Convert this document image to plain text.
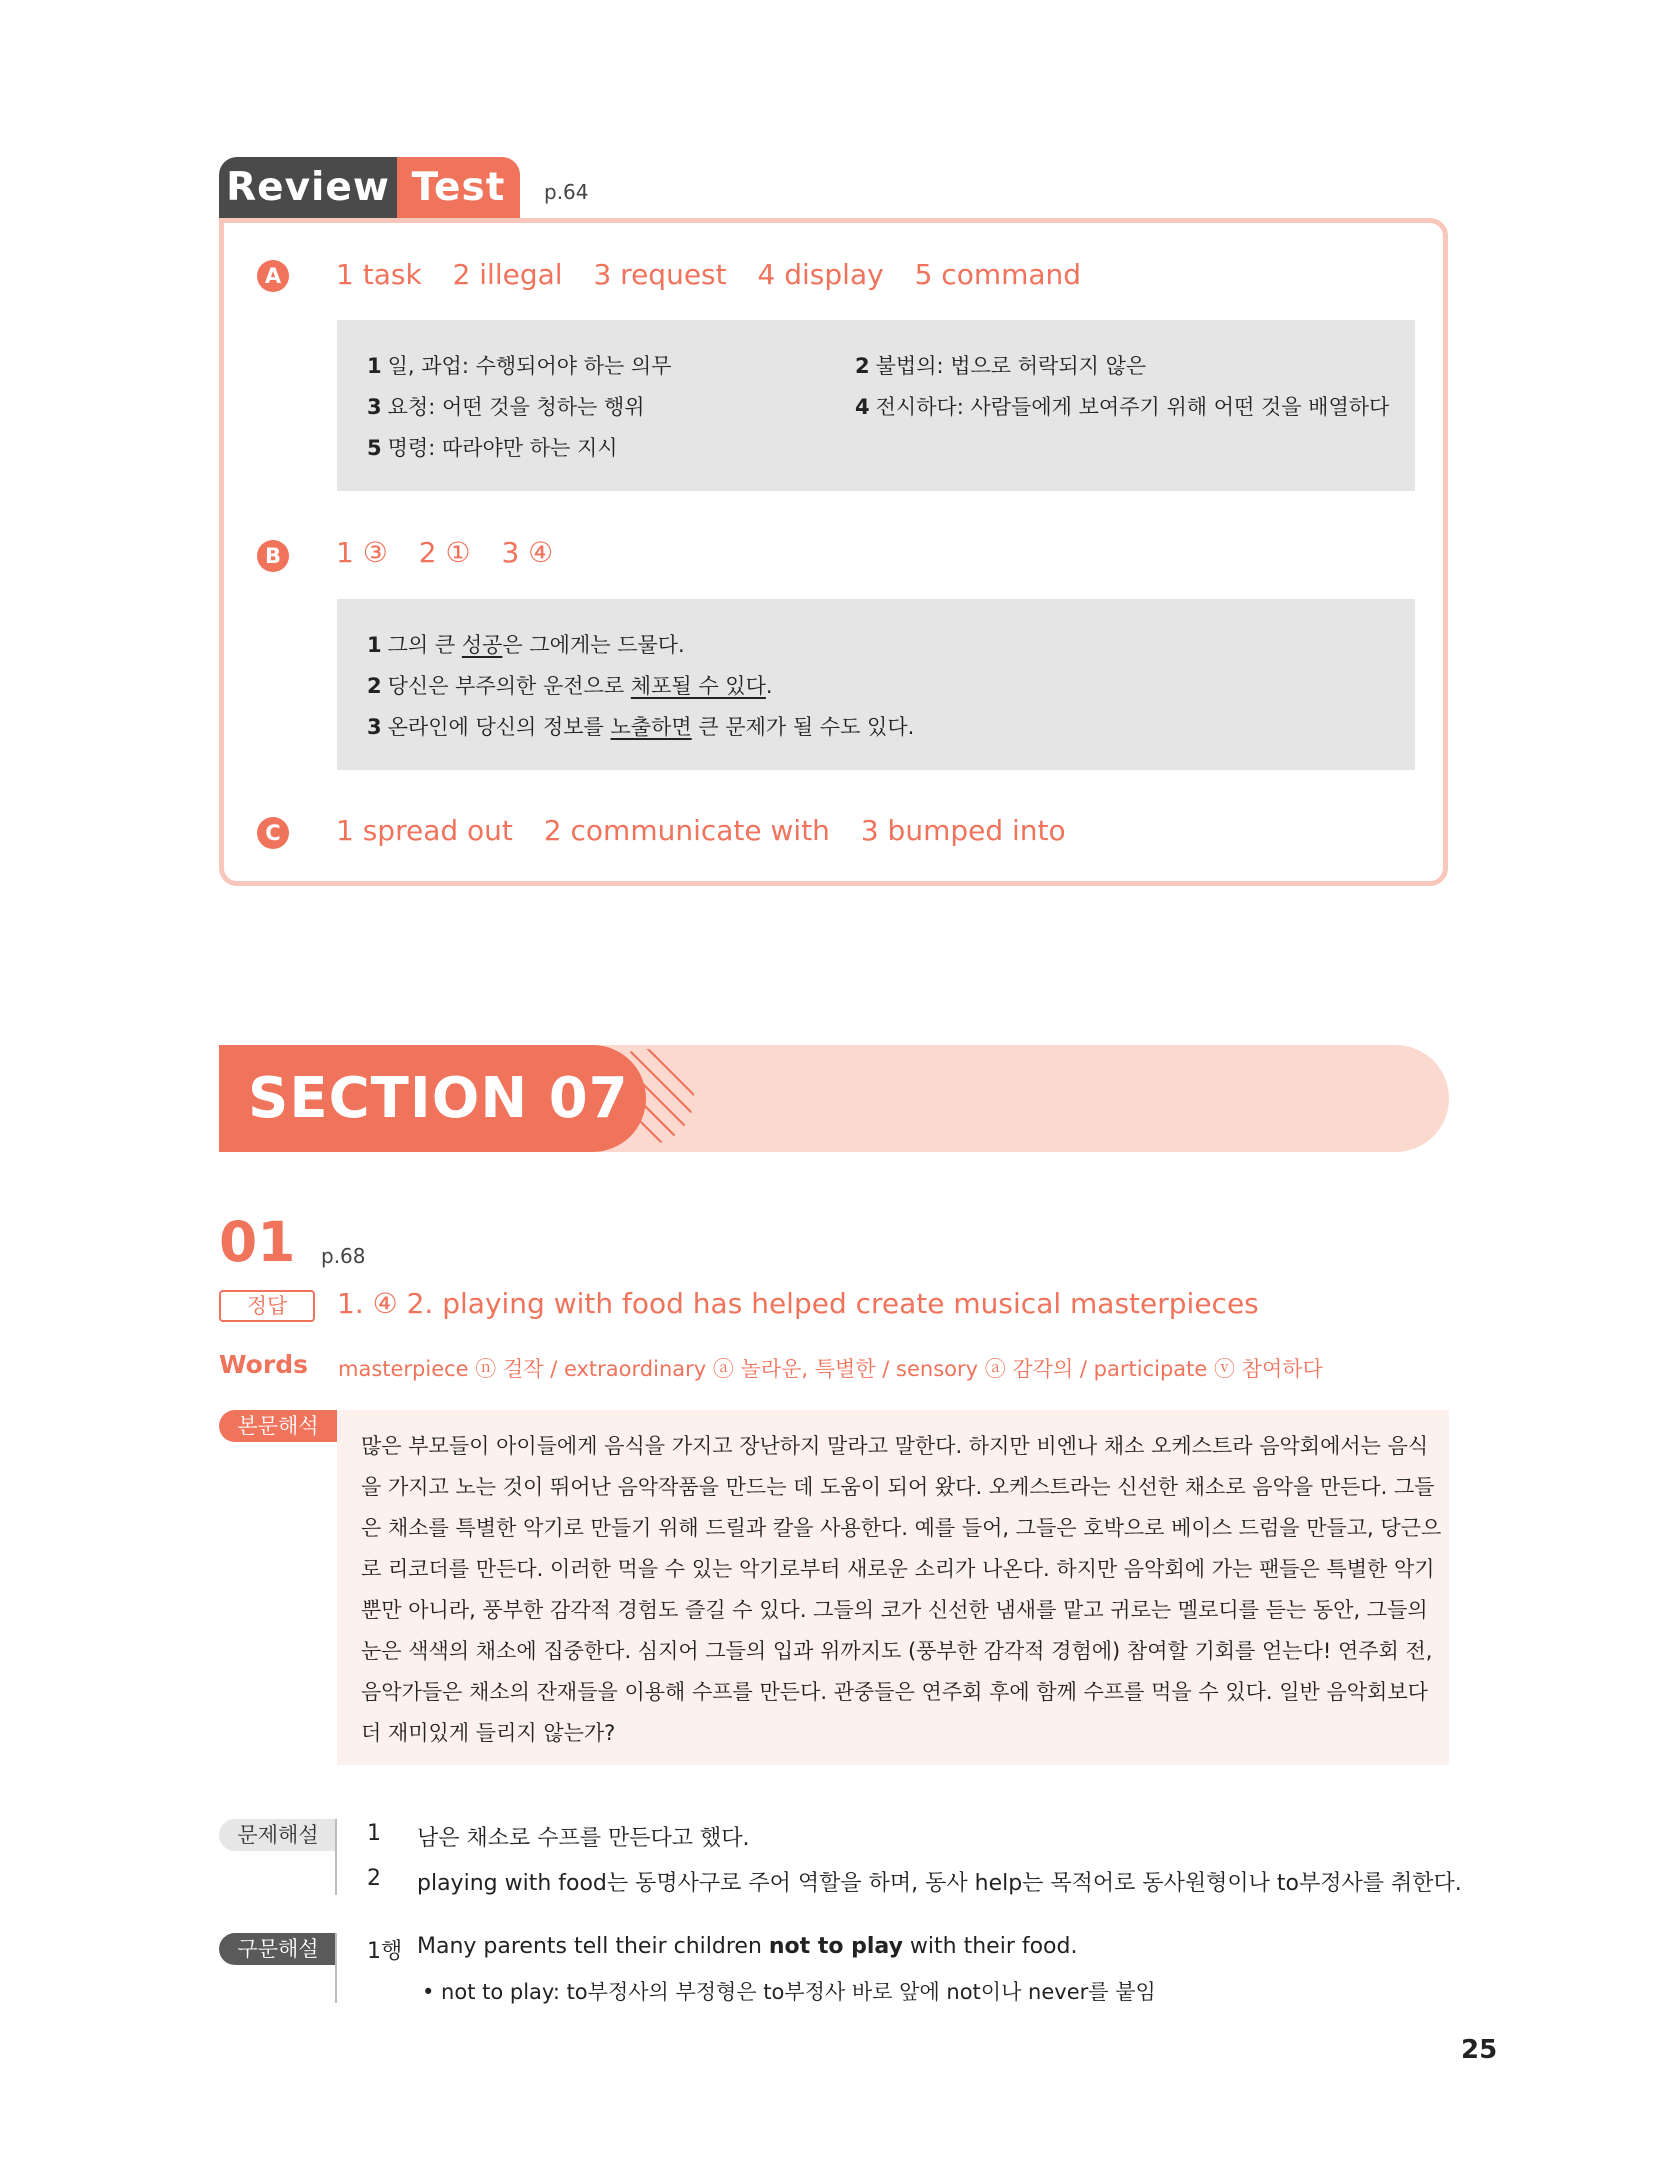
Review Test	p.64
A 1 task 2 illegal 3 request 4 display 5 command
1 일, 과업: 수행되어야 하는 의무	2 불법의: 법으로 허락되지 않은
3 요청: 어떤 것을 청하는 행위	4 전시하다: 사람들에게 보여주기 위해 어떤 것을 배열하다
5 명령: 따라야만 하는 지시
B 1 ③ 2 ① 3 ④
1 그의 큰 성공은 그에게는 드물다.
2 당신은 부주의한 운전으로 체포될 수 있다.
3 온라인에 당신의 정보를 노출하면 큰 문제가 될 수도 있다.
C 1 spread out 2 communicate with 3 bumped into
SECTION 07
01 p.68
정답	1. ④ 2. playing with food has helped create musical masterpieces
Words masterpiece ⓝ 걸작 / extraordinary ⓐ 놀라운, 특별한 / sensory ⓐ 감각의 / participate ⓥ 참여하다
본문해석
많은 부모들이 아이들에게 음식을 가지고 장난하지 말라고 말한다. 하지만 비엔나 채소 오케스트라 음악회에서는 음식
을 가지고 노는 것이 뛰어난 음악작품을 만드는 데 도움이 되어 왔다. 오케스트라는 신선한 채소로 음악을 만든다. 그들
은 채소를 특별한 악기로 만들기 위해 드릴과 칼을 사용한다. 예를 들어, 그들은 호박으로 베이스 드럼을 만들고, 당근으
로 리코더를 만든다. 이러한 먹을 수 있는 악기로부터 새로운 소리가 나온다. 하지만 음악회에 가는 팬들은 특별한 악기
뿐만 아니라, 풍부한 감각적 경험도 즐길 수 있다. 그들의 코가 신선한 냄새를 맡고 귀로는 멜로디를 듣는 동안, 그들의
눈은 색색의 채소에 집중한다. 심지어 그들의 입과 위까지도 (풍부한 감각적 경험에) 참여할 기회를 얻는다! 연주회 전,
음악가들은 채소의 잔재들을 이용해 수프를 만든다. 관중들은 연주회 후에 함께 수프를 먹을 수 있다. 일반 음악회보다
더 재미있게 들리지 않는가?
문제해설	1 남은 채소로 수프를 만든다고 했다.
2 playing with food는 동명사구로 주어 역할을 하며, 동사 help는 목적어로 동사원형이나 to부정사를 취한다.
구문해설	1행 Many parents tell their children not to play with their food.
• not to play: to부정사의 부정형은 to부정사 바로 앞에 not이나 never를 붙임
25
